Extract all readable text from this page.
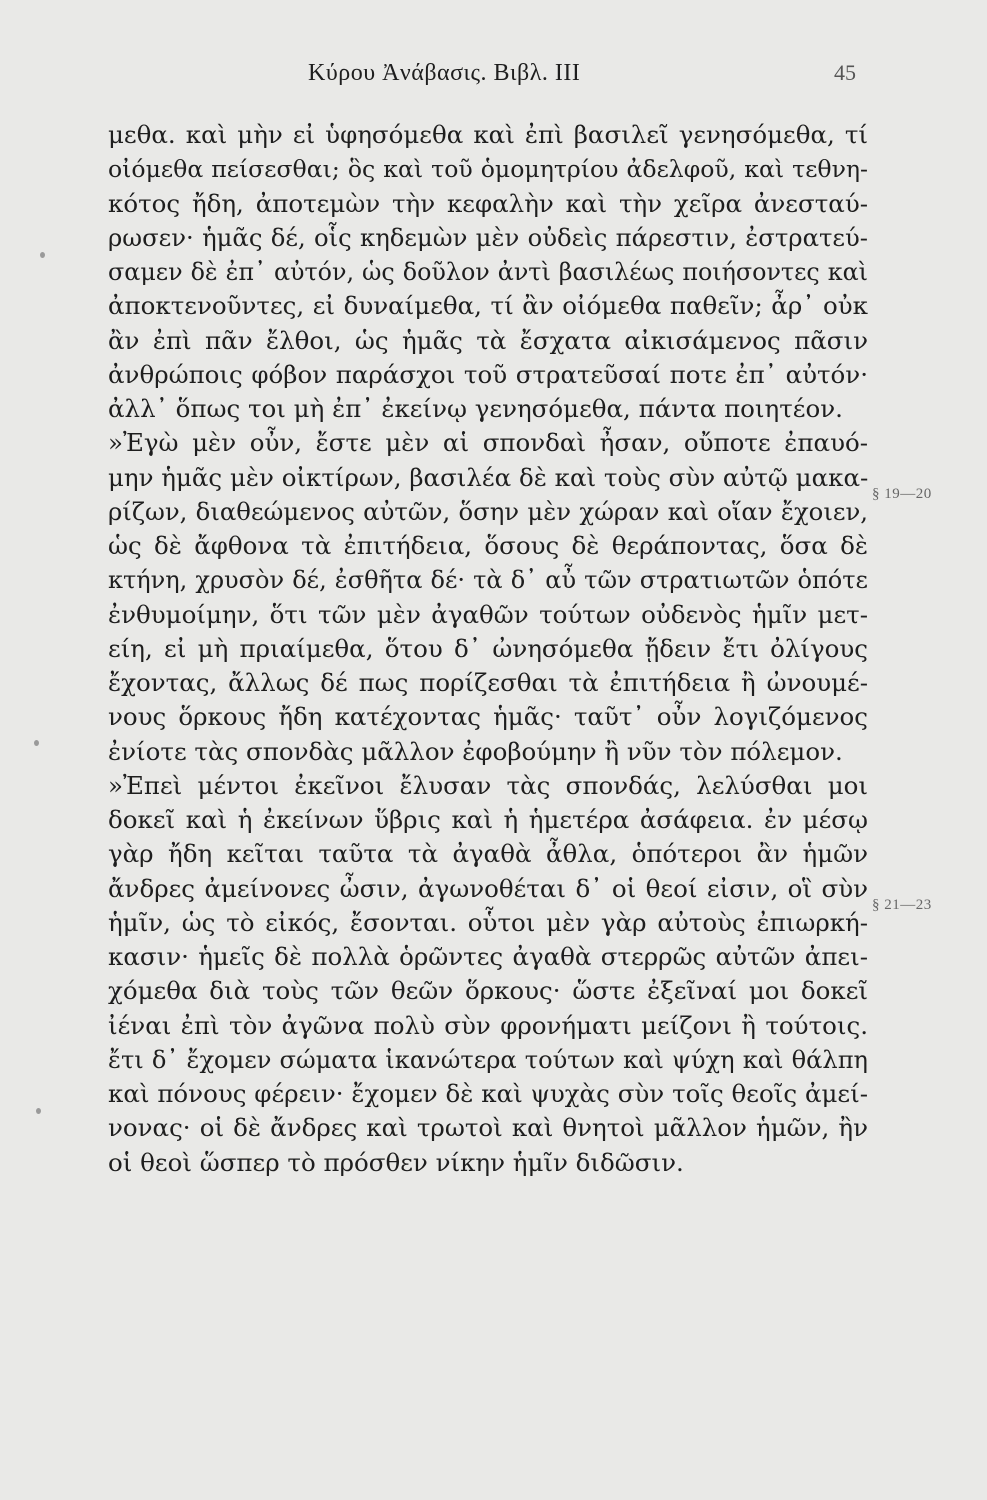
Κύρου Ἀνάβασις. Βιβλ. ΙΙΙ	45
μεθα. καὶ μὴν εἰ ὑφησόμεθα καὶ ἐπὶ βασιλεῖ γενησόμεθα, τί
οἰόμεθα πείσεσθαι; ὃς καὶ τοῦ ὁμομητρίου ἀδελφοῦ, καὶ τεθνη-
κότος ἤδη, ἀποτεμὼν τὴν κεφαλὴν καὶ τὴν χεῖρα ἀνεσταύ-
ρωσεν· ἡμᾶς δέ, οἷς κηδεμὼν μὲν οὐδεὶς πάρεστιν, ἐστρατεύ-
σαμεν δὲ ἐπ᾽ αὐτόν, ὡς δοῦλον ἀντὶ βασιλέως ποιήσοντες καὶ
ἀποκτενοῦντες, εἰ δυναίμεθα, τί ἂν οἰόμεθα παθεῖν; ἆρ᾽ οὐκ
ἂν ἐπὶ πᾶν ἔλθοι, ὡς ἡμᾶς τὰ ἔσχατα αἰκισάμενος πᾶσιν
ἀνθρώποις φόβον παράσχοι τοῦ στρατεῦσαί ποτε ἐπ᾽ αὐτόν·
ἀλλ᾽ ὅπως τοι μὴ ἐπ᾽ ἐκείνῳ γενησόμεθα, πάντα ποιητέον.
»Ἐγὼ μὲν οὖν, ἔστε μὲν αἱ σπονδαὶ ἦσαν, οὔποτε ἐπαυό-
μην ἡμᾶς μὲν οἰκτίρων, βασιλέα δὲ καὶ τοὺς σὺν αὐτῷ μακα-
ρίζων, διαθεώμενος αὐτῶν, ὅσην μὲν χώραν καὶ οἵαν ἔχοιεν,
ὡς δὲ ἄφθονα τὰ ἐπιτήδεια, ὅσους δὲ θεράποντας, ὅσα δὲ
κτήνη, χρυσὸν δέ, ἐσθῆτα δέ· τὰ δ᾽ αὖ τῶν στρατιωτῶν ὁπότε
ἐνθυμοίμην, ὅτι τῶν μὲν ἀγαθῶν τούτων οὐδενὸς ἡμῖν μετ-
είη, εἰ μὴ πριαίμεθα, ὅτου δ᾽ ὠνησόμεθα ᾔδειν ἔτι ὀλίγους
ἔχοντας, ἄλλως δέ πως πορίζεσθαι τὰ ἐπιτήδεια ἢ ὠνουμέ-
νους ὅρκους ἤδη κατέχοντας ἡμᾶς· ταῦτ᾽ οὖν λογιζόμενος
ἐνίοτε τὰς σπονδὰς μᾶλλον ἐφοβούμην ἢ νῦν τὸν πόλεμον.
»Ἐπεὶ μέντοι ἐκεῖνοι ἔλυσαν τὰς σπονδάς, λελύσθαι μοι
δοκεῖ καὶ ἡ ἐκείνων ὕβρις καὶ ἡ ἡμετέρα ἀσάφεια. ἐν μέσῳ
γὰρ ἤδη κεῖται ταῦτα τὰ ἀγαθὰ ἆθλα, ὁπότεροι ἂν ἡμῶν
ἄνδρες ἀμείνονες ὦσιν, ἀγωνοθέται δ᾽ οἱ θεοί εἰσιν, οἳ σὺν
ἡμῖν, ὡς τὸ εἰκός, ἔσονται. οὗτοι μὲν γὰρ αὐτοὺς ἐπιωρκή-
κασιν· ἡμεῖς δὲ πολλὰ ὁρῶντες ἀγαθὰ στερρῶς αὐτῶν ἀπει-
χόμεθα διὰ τοὺς τῶν θεῶν ὅρκους· ὥστε ἐξεῖναί μοι δοκεῖ
ἰέναι ἐπὶ τὸν ἀγῶνα πολὺ σὺν φρονήματι μείζονι ἢ τούτοις.
ἔτι δ᾽ ἔχομεν σώματα ἱκανώτερα τούτων καὶ ψύχη καὶ θάλπη
καὶ πόνους φέρειν· ἔχομεν δὲ καὶ ψυχὰς σὺν τοῖς θεοῖς ἀμεί-
νονας· οἱ δὲ ἄνδρες καὶ τρωτοὶ καὶ θνητοὶ μᾶλλον ἡμῶν, ἢν
οἱ θεοὶ ὥσπερ τὸ πρόσθεν νίκην ἡμῖν διδῶσιν.
§ 19—20
§ 21—23
